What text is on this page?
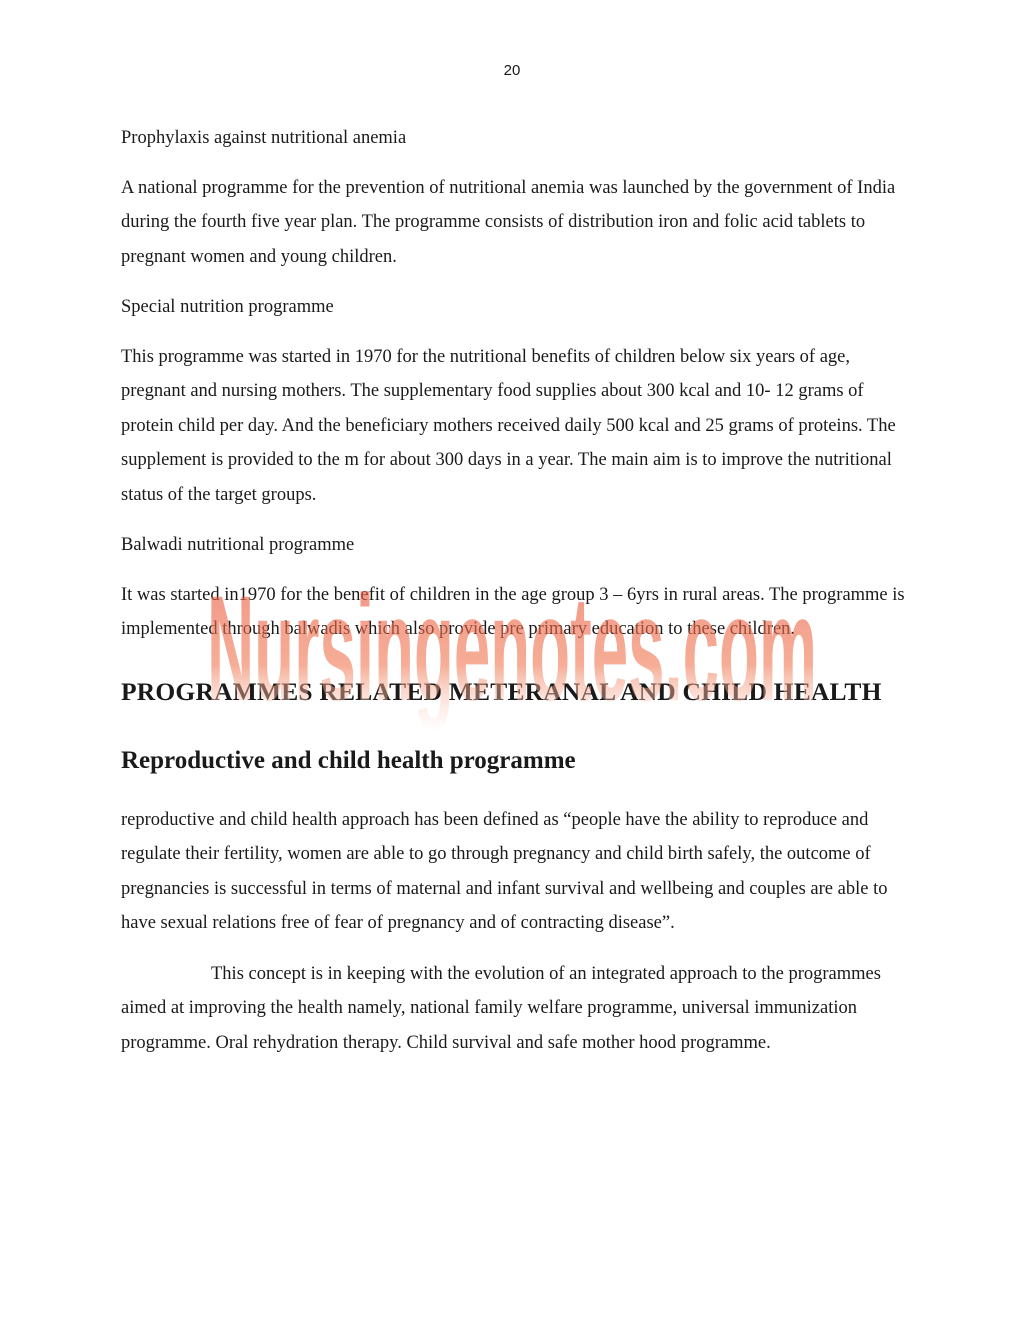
20

Prophylaxis against nutritional anemia

A national programme for the prevention of nutritional anemia was launched by the government of India during the fourth five year plan. The programme consists of distribution iron and folic acid tablets to pregnant women and young children.

Special nutrition programme

This programme was started in 1970 for the nutritional benefits of children below six years of age, pregnant and nursing mothers. The supplementary food supplies about 300 kcal and 10- 12 grams of protein child per day. And the beneficiary mothers received daily 500 kcal and 25 grams of proteins. The supplement is provided to the m for about 300 days in a year. The main aim is to improve the nutritional status of the target groups.

Balwadi nutritional programme

It was started in1970 for the benefit of children in the age group 3 – 6yrs in rural areas. The programme is implemented through balwadis which also provide pre primary education to these children.

PROGRAMMES RELATED METERANAL AND CHILD HEALTH
Reproductive and child health programme

reproductive and child health approach has been defined as “people have the ability to reproduce and regulate their fertility, women are able to go through pregnancy and child birth safely, the outcome of pregnancies is successful in terms of maternal and infant survival and wellbeing and couples are able to have sexual relations free of fear of pregnancy and of contracting disease”.

This concept is in keeping with the evolution of an integrated approach to the programmes aimed at improving the health namely, national family welfare programme, universal immunization programme. Oral rehydration therapy. Child survival and safe mother hood programme.

Nursingenotes.com
